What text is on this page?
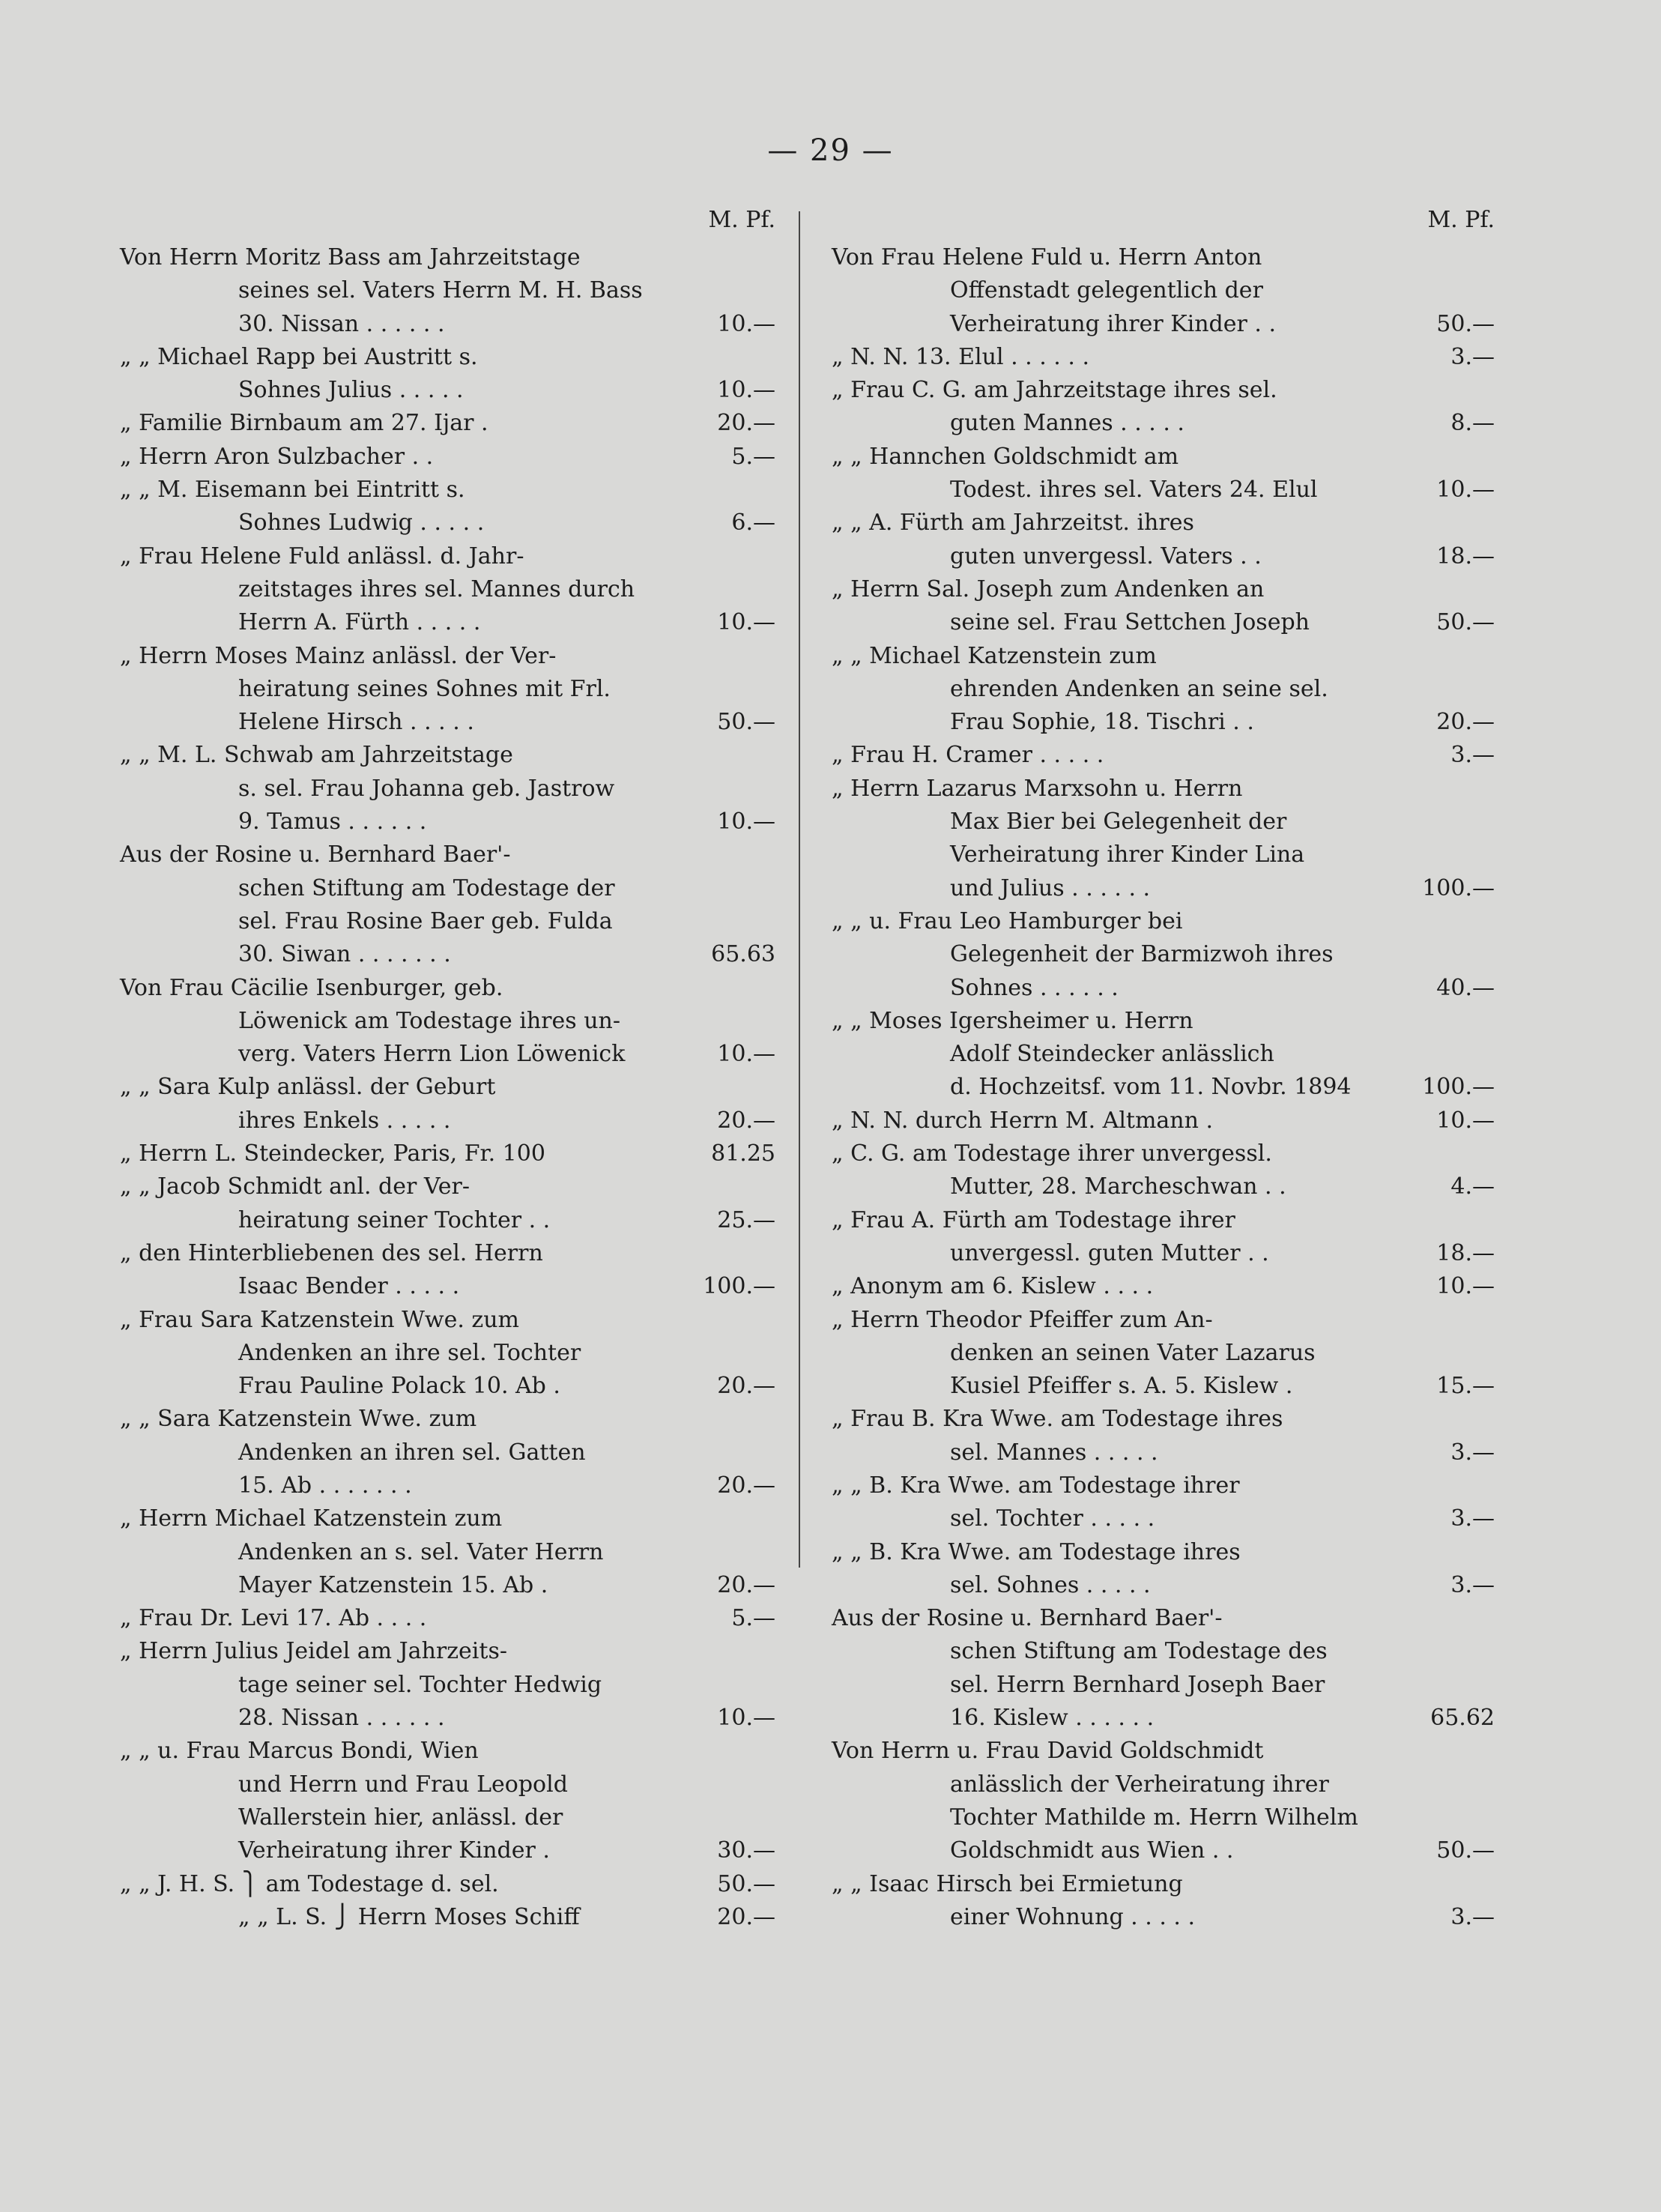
— 29 —
M. Pf.
Von Herrn Moritz Bass am Jahrzeitstage
seines sel. Vaters Herrn M. H. Bass
30. Nissan . . . . . .	10.—
„ „ Michael Rapp bei Austritt s.
Sohnes Julius . . . . .	10.—
„ Familie Birnbaum am 27. Ijar .	20.—
„ Herrn Aron Sulzbacher . .	5.—
„ „ M. Eisemann bei Eintritt s.
Sohnes Ludwig . . . . .	6.—
„ Frau Helene Fuld anlässl. d. Jahr-
zeitstages ihres sel. Mannes durch
Herrn A. Fürth . . . . .	10.—
„ Herrn Moses Mainz anlässl. der Ver-
heiratung seines Sohnes mit Frl.
Helene Hirsch . . . . .	50.—
„ „ M. L. Schwab am Jahrzeitstage
s. sel. Frau Johanna geb. Jastrow
9. Tamus . . . . . .	10.—
Aus der Rosine u. Bernhard Baer'-
schen Stiftung am Todestage der
sel. Frau Rosine Baer geb. Fulda
30. Siwan . . . . . . .	65.63
Von Frau Cäcilie Isenburger, geb.
Löwenick am Todestage ihres un-
verg. Vaters Herrn Lion Löwenick	10.—
„ „ Sara Kulp anlässl. der Geburt
ihres Enkels . . . . .	20.—
„ Herrn L. Steindecker, Paris, Fr. 100	81.25
„ „ Jacob Schmidt anl. der Ver-
heiratung seiner Tochter . .	25.—
„ den Hinterbliebenen des sel. Herrn
Isaac Bender . . . . .	100.—
„ Frau Sara Katzenstein Wwe. zum
Andenken an ihre sel. Tochter
Frau Pauline Polack 10. Ab .	20.—
„ „ Sara Katzenstein Wwe. zum
Andenken an ihren sel. Gatten
15. Ab . . . . . . .	20.—
„ Herrn Michael Katzenstein zum
Andenken an s. sel. Vater Herrn
Mayer Katzenstein 15. Ab .	20.—
„ Frau Dr. Levi 17. Ab . . . .	5.—
„ Herrn Julius Jeidel am Jahrzeits-
tage seiner sel. Tochter Hedwig
28. Nissan . . . . . .	10.—
„ „ u. Frau Marcus Bondi, Wien
und Herrn und Frau Leopold
Wallerstein hier, anlässl. der
Verheiratung ihrer Kinder .	30.—
„ „ J. H. S. ⎫ am Todestage d. sel.	50.—
„ „ L. S. ⎭ Herrn Moses Schiff	20.—
M. Pf.
Von Frau Helene Fuld u. Herrn Anton
Offenstadt gelegentlich der
Verheiratung ihrer Kinder . .	50.—
„ N. N. 13. Elul . . . . . .	3.—
„ Frau C. G. am Jahrzeitstage ihres sel.
guten Mannes . . . . .	8.—
„ „ Hannchen Goldschmidt am
Todest. ihres sel. Vaters 24. Elul	10.—
„ „ A. Fürth am Jahrzeitst. ihres
guten unvergessl. Vaters . .	18.—
„ Herrn Sal. Joseph zum Andenken an
seine sel. Frau Settchen Joseph	50.—
„ „ Michael Katzenstein zum
ehrenden Andenken an seine sel.
Frau Sophie, 18. Tischri . .	20.—
„ Frau H. Cramer . . . . .	3.—
„ Herrn Lazarus Marxsohn u. Herrn
Max Bier bei Gelegenheit der
Verheiratung ihrer Kinder Lina
und Julius . . . . . .	100.—
„ „ u. Frau Leo Hamburger bei
Gelegenheit der Barmizwoh ihres
Sohnes . . . . . .	40.—
„ „ Moses Igersheimer u. Herrn
Adolf Steindecker anlässlich
d. Hochzeitsf. vom 11. Novbr. 1894	100.—
„ N. N. durch Herrn M. Altmann .	10.—
„ C. G. am Todestage ihrer unvergessl.
Mutter, 28. Marcheschwan . .	4.—
„ Frau A. Fürth am Todestage ihrer
unvergessl. guten Mutter . .	18.—
„ Anonym am 6. Kislew . . . .	10.—
„ Herrn Theodor Pfeiffer zum An-
denken an seinen Vater Lazarus
Kusiel Pfeiffer s. A. 5. Kislew .	15.—
„ Frau B. Kra Wwe. am Todestage ihres
sel. Mannes . . . . .	3.—
„ „ B. Kra Wwe. am Todestage ihrer
sel. Tochter . . . . .	3.—
„ „ B. Kra Wwe. am Todestage ihres
sel. Sohnes . . . . .	3.—
Aus der Rosine u. Bernhard Baer'-
schen Stiftung am Todestage des
sel. Herrn Bernhard Joseph Baer
16. Kislew . . . . . .	65.62
Von Herrn u. Frau David Goldschmidt
anlässlich der Verheiratung ihrer
Tochter Mathilde m. Herrn Wilhelm
Goldschmidt aus Wien . .	50.—
„ „ Isaac Hirsch bei Ermietung
einer Wohnung . . . . .	3.—
